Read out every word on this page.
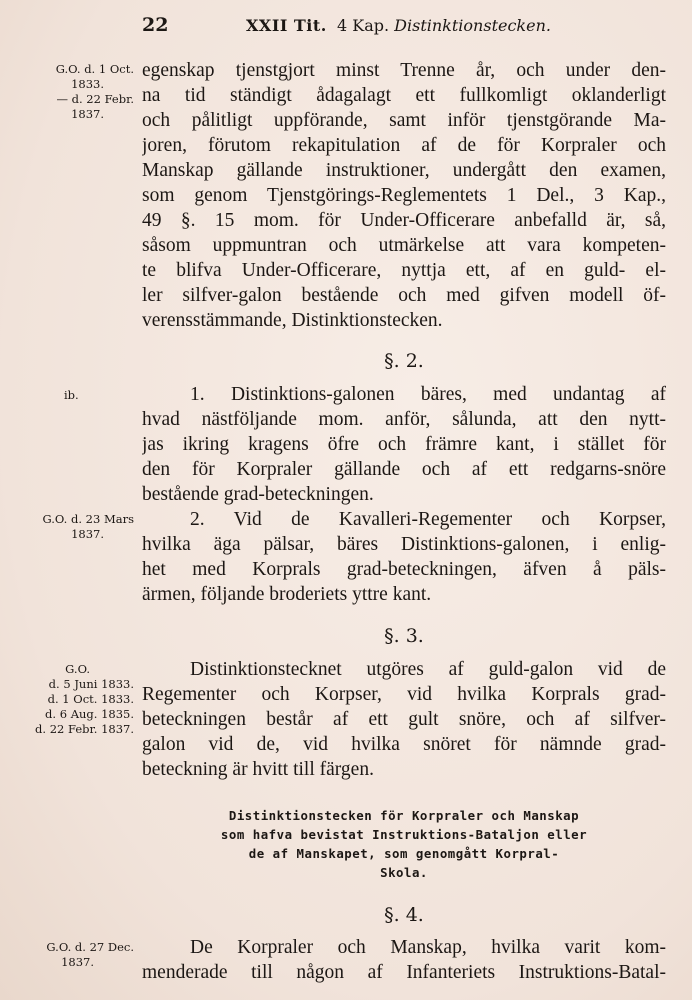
22	XXII Tit. 4 Kap. Distinktionstecken.
G.O. d. 1 Oct.
1833.
— d. 22 Febr.
1837.
ib.
G.O. d. 23 Mars
1837.
G.O.
d. 5 Juni 1833.
d. 1 Oct. 1833.
d. 6 Aug. 1835.
d. 22 Febr. 1837.
G.O. d. 27 Dec.
1837.
egenskap tjenstgjort minst Trenne år, och under den-
na tid ständigt ådagalagt ett fullkomligt oklanderligt
och pålitligt uppförande, samt inför tjenstgörande Ma-
joren, förutom rekapitulation af de för Korpraler och
Manskap gällande instruktioner, undergått den examen,
som genom Tjenstgörings-Reglementets 1 Del., 3 Kap.,
49 §. 15 mom. för Under-Officerare anbefalld är, så,
såsom uppmuntran och utmärkelse att vara kompeten-
te blifva Under-Officerare, nyttja ett, af en guld- el-
ler silfver-galon bestående och med gifven modell öf-
verensstämmande, Distinktionstecken.
§. 2.
1. Distinktions-galonen bäres, med undantag af
hvad nästföljande mom. anför, sålunda, att den nytt-
jas ikring kragens öfre och främre kant, i stället för
den för Korpraler gällande och af ett redgarns-snöre
bestående grad-beteckningen.
2. Vid de Kavalleri-Regementer och Korpser,
hvilka äga pälsar, bäres Distinktions-galonen, i enlig-
het med Korprals grad-beteckningen, äfven å päls-
ärmen, följande broderiets yttre kant.
§. 3.
Distinktionstecknet utgöres af guld-galon vid de
Regementer och Korpser, vid hvilka Korprals grad-
beteckningen består af ett gult snöre, och af silfver-
galon vid de, vid hvilka snöret för nämnde grad-
beteckning är hvitt till färgen.
Distinktionstecken för Korpraler och Manskap
som hafva bevistat Instruktions-Bataljon eller
de af Manskapet, som genomgått Korpral-
Skola.
§. 4.
De Korpraler och Manskap, hvilka varit kom-
menderade till någon af Infanteriets Instruktions-Batal-
